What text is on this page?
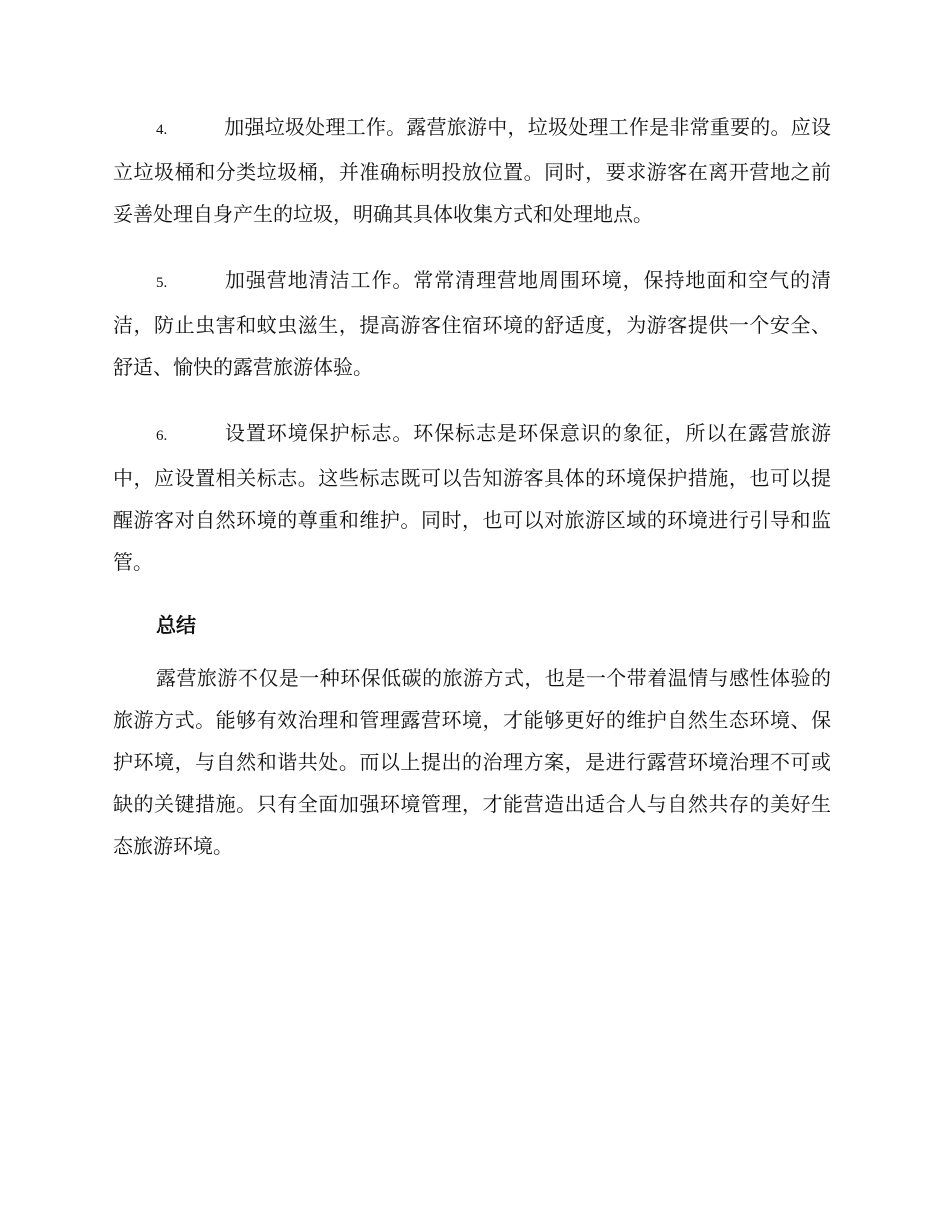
4.	加强垃圾处理工作。露营旅游中，垃圾处理工作是非常重要的。应设立垃圾桶和分类垃圾桶，并准确标明投放位置。同时，要求游客在离开营地之前妥善处理自身产生的垃圾，明确其具体收集方式和处理地点。

5.	加强营地清洁工作。常常清理营地周围环境，保持地面和空气的清洁，防止虫害和蚊虫滋生，提高游客住宿环境的舒适度，为游客提供一个安全、舒适、愉快的露营旅游体验。

6.	设置环境保护标志。环保标志是环保意识的象征，所以在露营旅游中，应设置相关标志。这些标志既可以告知游客具体的环境保护措施，也可以提醒游客对自然环境的尊重和维护。同时，也可以对旅游区域的环境进行引导和监管。

总结

露营旅游不仅是一种环保低碳的旅游方式，也是一个带着温情与感性体验的旅游方式。能够有效治理和管理露营环境，才能够更好的维护自然生态环境、保护环境，与自然和谐共处。而以上提出的治理方案，是进行露营环境治理不可或缺的关键措施。只有全面加强环境管理，才能营造出适合人与自然共存的美好生态旅游环境。
